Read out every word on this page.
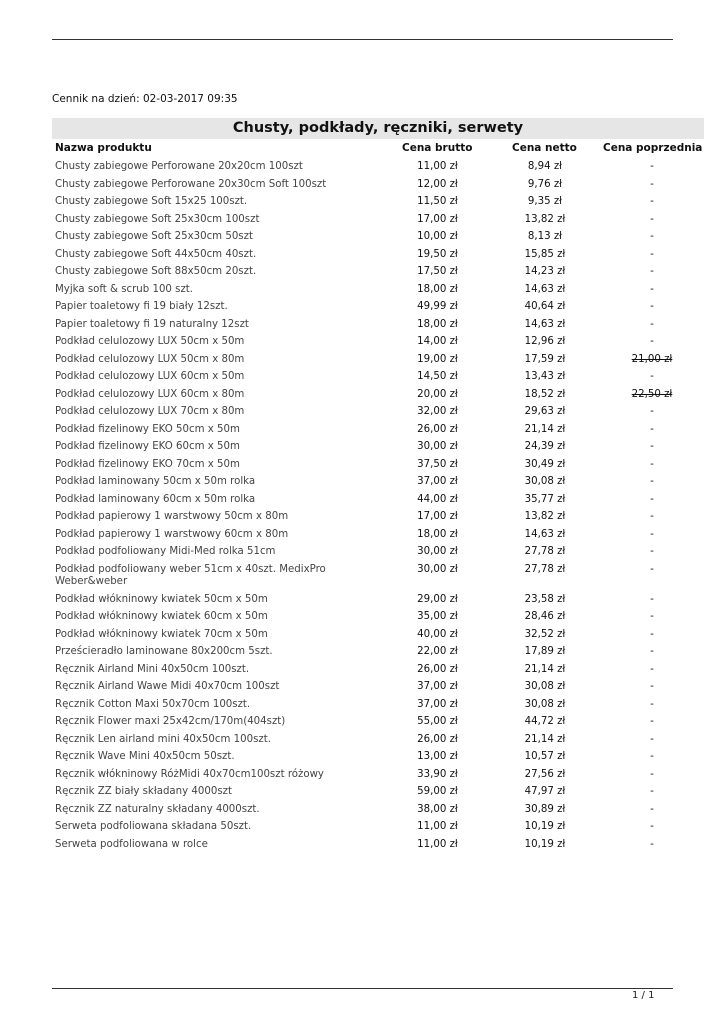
Cennik na dzień: 02-03-2017 09:35
Chusty, podkłady, ręczniki, serwety
Nazwa produktu	Cena brutto	Cena netto Cena poprzednia
Chusty zabiegowe Perforowane 20x20cm 100szt	11,00 zł	8,94 zł	-
Chusty zabiegowe Perforowane 20x30cm Soft 100szt	12,00 zł	9,76 zł	-
Chusty zabiegowe Soft 15x25 100szt.	11,50 zł	9,35 zł	-
Chusty zabiegowe Soft 25x30cm 100szt	17,00 zł	13,82 zł	-
Chusty zabiegowe Soft 25x30cm 50szt	10,00 zł	8,13 zł	-
Chusty zabiegowe Soft 44x50cm 40szt.	19,50 zł	15,85 zł	-
Chusty zabiegowe Soft 88x50cm 20szt.	17,50 zł	14,23 zł	-
Myjka soft & scrub 100 szt.	18,00 zł	14,63 zł	-
Papier toaletowy fi 19 biały 12szt.	49,99 zł	40,64 zł	-
Papier toaletowy fi 19 naturalny 12szt	18,00 zł	14,63 zł	-
Podkład celulozowy LUX 50cm x 50m	14,00 zł	12,96 zł	-
Podkład celulozowy LUX 50cm x 80m	19,00 zł	17,59 zł	21,00 zł
Podkład celulozowy LUX 60cm x 50m	14,50 zł	13,43 zł	-
Podkład celulozowy LUX 60cm x 80m	20,00 zł	18,52 zł	22,50 zł
Podkład celulozowy LUX 70cm x 80m	32,00 zł	29,63 zł	-
Podkład fizelinowy EKO 50cm x 50m	26,00 zł	21,14 zł	-
Podkład fizelinowy EKO 60cm x 50m	30,00 zł	24,39 zł	-
Podkład fizelinowy EKO 70cm x 50m	37,50 zł	30,49 zł	-
Podkład laminowany 50cm x 50m rolka	37,00 zł	30,08 zł	-
Podkład laminowany 60cm x 50m rolka	44,00 zł	35,77 zł	-
Podkład papierowy 1 warstwowy 50cm x 80m	17,00 zł	13,82 zł	-
Podkład papierowy 1 warstwowy 60cm x 80m	18,00 zł	14,63 zł	-
Podkład podfoliowany Midi-Med rolka 51cm	30,00 zł	27,78 zł	-
Podkład podfoliowany weber 51cm x 40szt. MedixPro Weber&weber	30,00 zł	27,78 zł	-
Podkład włókninowy kwiatek 50cm x 50m	29,00 zł	23,58 zł	-
Podkład włókninowy kwiatek 60cm x 50m	35,00 zł	28,46 zł	-
Podkład włókninowy kwiatek 70cm x 50m	40,00 zł	32,52 zł	-
Prześcieradło laminowane 80x200cm 5szt.	22,00 zł	17,89 zł	-
Ręcznik Airland Mini 40x50cm 100szt.	26,00 zł	21,14 zł	-
Ręcznik Airland Wawe Midi 40x70cm 100szt	37,00 zł	30,08 zł	-
Ręcznik Cotton Maxi 50x70cm 100szt.	37,00 zł	30,08 zł	-
Ręcznik Flower maxi 25x42cm/170m(404szt)	55,00 zł	44,72 zł	-
Ręcznik Len airland mini 40x50cm 100szt.	26,00 zł	21,14 zł	-
Ręcznik Wave Mini 40x50cm 50szt.	13,00 zł	10,57 zł	-
Ręcznik włókninowy RóżMidi 40x70cm100szt różowy	33,90 zł	27,56 zł	-
Ręcznik ZZ biały składany 4000szt	59,00 zł	47,97 zł	-
Ręcznik ZZ naturalny składany 4000szt.	38,00 zł	30,89 zł	-
Serweta podfoliowana składana 50szt.	11,00 zł	10,19 zł	-
Serweta podfoliowana w rolce	11,00 zł	10,19 zł	-
1 / 1
